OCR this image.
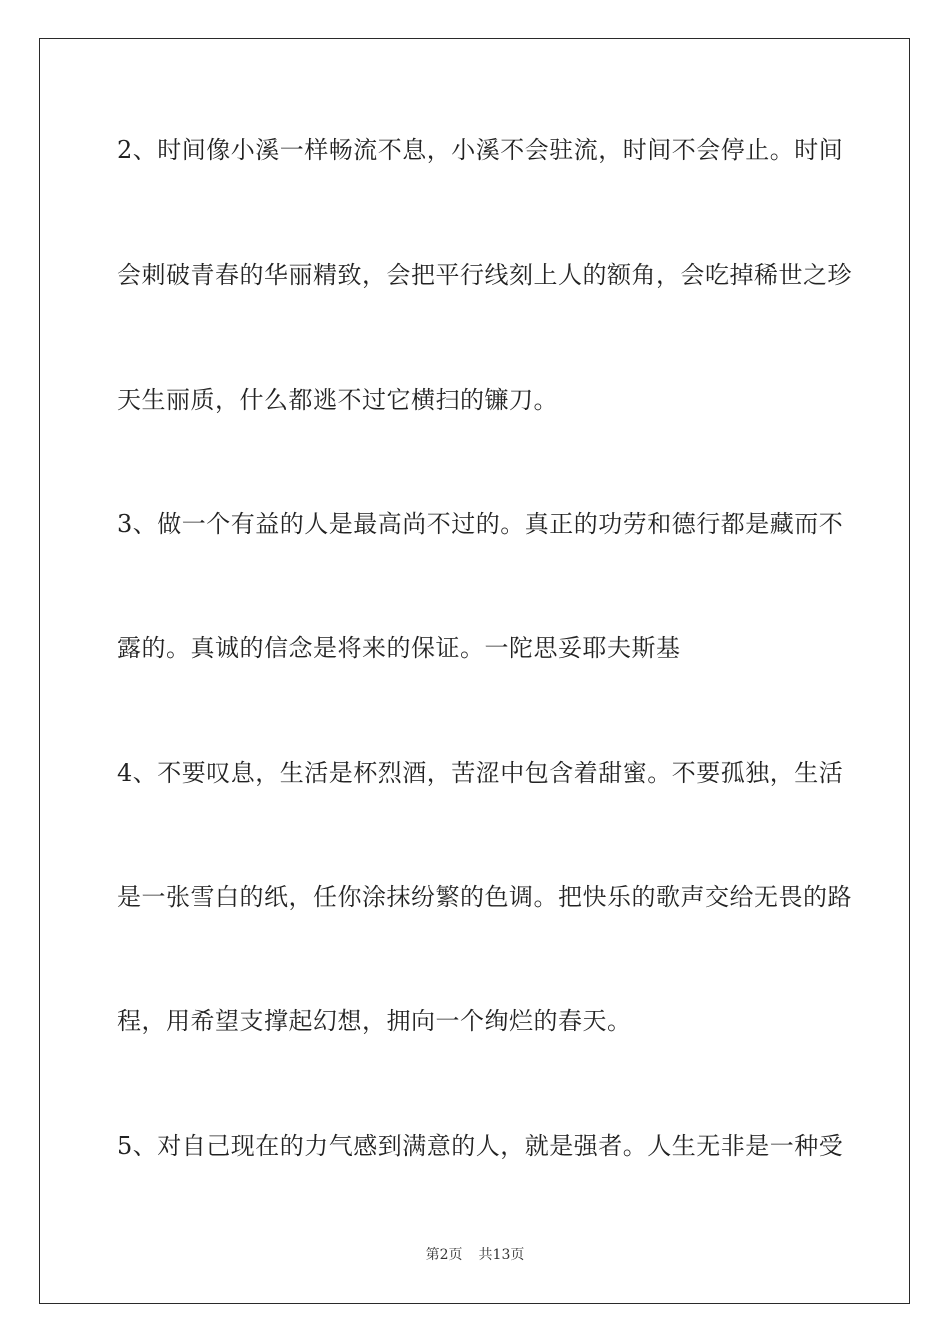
2、时间像小溪一样畅流不息，小溪不会驻流，时间不会停止。时间
会刺破青春的华丽精致，会把平行线刻上人的额角，会吃掉稀世之珍
天生丽质，什么都逃不过它横扫的镰刀。
3、做一个有益的人是最高尚不过的。真正的功劳和德行都是藏而不
露的。真诚的信念是将来的保证。一陀思妥耶夫斯基
4、不要叹息，生活是杯烈酒，苦涩中包含着甜蜜。不要孤独，生活
是一张雪白的纸，任你涂抹纷繁的色调。把快乐的歌声交给无畏的路
程，用希望支撑起幻想，拥向一个绚烂的春天。
5、对自己现在的力气感到满意的人，就是强者。人生无非是一种受
第2页 共13页
